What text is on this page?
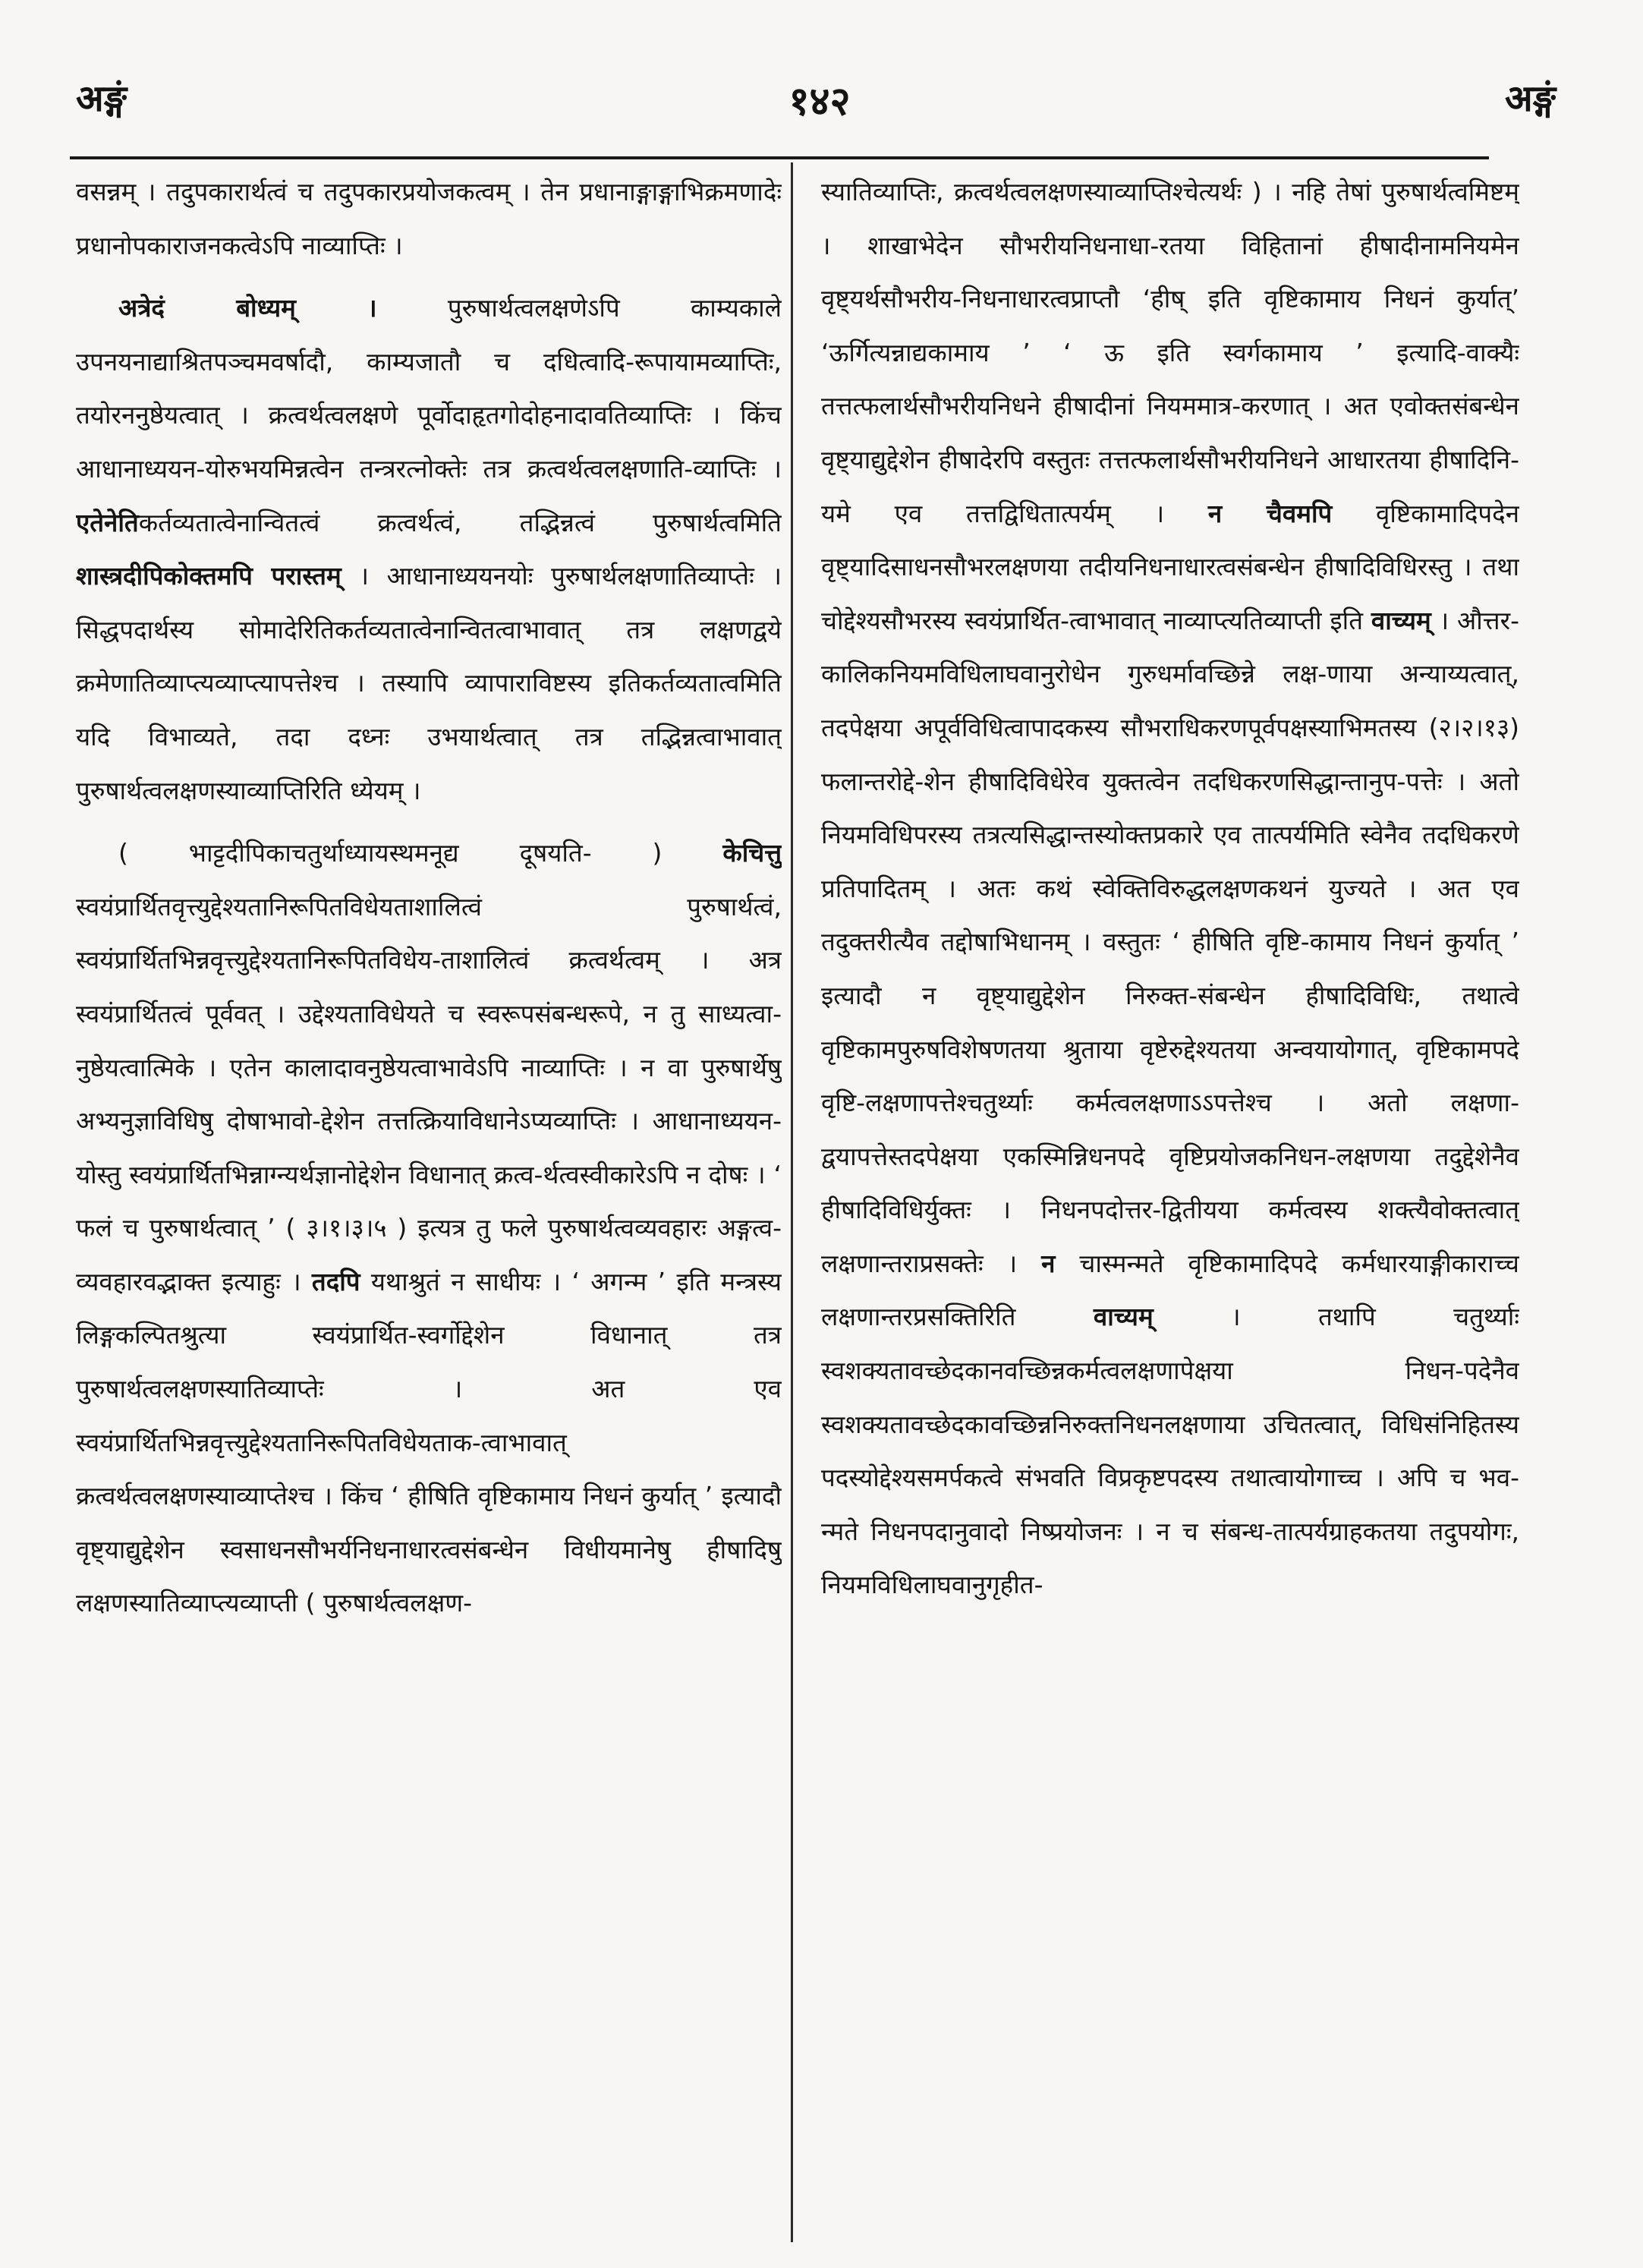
अङ्गं	१४२	अङ्गं

वसन्नम् । तदुपकारार्थत्वं च तदुपकारप्रयोजकत्वम् । तेन प्रधानाङ्गाङ्गाभिक्रमणादेः प्रधानोपकाराजनकत्वेऽपि नाव्याप्तिः ।

अत्रेदं बोध्यम् । पुरुषार्थत्वलक्षणेऽपि काम्यकाले उपनयनाद्याश्रितपञ्चमवर्षादौ, काम्यजातौ च दधित्वादि-रूपायामव्याप्तिः, तयोरननुष्ठेयत्वात् । क्रत्वर्थत्वलक्षणे पूर्वोदाहृतगोदोहनादावतिव्याप्तिः । किंच आधानाध्ययन-योरुभयमिन्नत्वेन तन्त्ररत्नोक्तेः तत्र क्रत्वर्थत्वलक्षणाति-व्याप्तिः । एतेनेतिकर्तव्यतात्वेनान्वितत्वं क्रत्वर्थत्वं, तद्भिन्नत्वं पुरुषार्थत्वमिति शास्त्रदीपिकोक्तमपि परास्तम् । आधानाध्ययनयोः पुरुषार्थलक्षणातिव्याप्तेः । सिद्धपदार्थस्य सोमादेरितिकर्तव्यतात्वेनान्वितत्वाभावात् तत्र लक्षणद्वये क्रमेणातिव्याप्त्यव्याप्त्यापत्तेश्च । तस्यापि व्यापाराविष्टस्य इतिकर्तव्यतात्वमिति यदि विभाव्यते, तदा दध्नः उभयार्थत्वात् तत्र तद्भिन्नत्वाभावात् पुरुषार्थत्वलक्षणस्याव्याप्तिरिति ध्येयम् ।

( भाट्टदीपिकाचतुर्थाध्यायस्थमनूद्य दूषयति- ) केचित्तु स्वयंप्रार्थितवृत्त्युद्देश्यतानिरूपितविधेयताशालित्वं पुरुषार्थत्वं, स्वयंप्रार्थितभिन्नवृत्त्युद्देश्यतानिरूपितविधेय-ताशालित्वं क्रत्वर्थत्वम् । अत्र स्वयंप्रार्थितत्वं पूर्ववत् । उद्देश्यताविधेयते च स्वरूपसंबन्धरूपे, न तु साध्यत्वा-नुष्ठेयत्वात्मिके । एतेन कालादावनुष्ठेयत्वाभावेऽपि नाव्याप्तिः । न वा पुरुषार्थेषु अभ्यनुज्ञाविधिषु दोषाभावो-द्देशेन तत्तत्क्रियाविधानेऽप्यव्याप्तिः । आधानाध्ययन-योस्तु स्वयंप्रार्थितभिन्नाग्न्यर्थज्ञानोद्देशेन विधानात् क्रत्व-र्थत्वस्वीकारेऽपि न दोषः । ‘ फलं च पुरुषार्थत्वात् ’ ( ३।१।३।५ ) इत्यत्र तु फले पुरुषार्थत्वव्यवहारः अङ्गत्व-व्यवहारवद्भाक्त इत्याहुः । तदपि यथाश्रुतं न साधीयः । ‘ अगन्म ’ इति मन्त्रस्य लिङ्गकल्पितश्रुत्या स्वयंप्रार्थित-स्वर्गोद्देशेन विधानात् तत्र पुरुषार्थत्वलक्षणस्यातिव्याप्तेः । अत एव स्वयंप्रार्थितभिन्नवृत्त्युद्देश्यतानिरूपितविधेयताक-त्वाभावात् क्रत्वर्थत्वलक्षणस्याव्याप्तेश्च । किंच ‘ हीषिति वृष्टिकामाय निधनं कुर्यात् ’ इत्यादौ वृष्ट्याद्युद्देशेन स्वसाधनसौभर्यनिधनाधारत्वसंबन्धेन विधीयमानेषु हीषादिषु लक्षणस्यातिव्याप्त्यव्याप्ती ( पुरुषार्थत्वलक्षण-

स्यातिव्याप्तिः, क्रत्वर्थत्वलक्षणस्याव्याप्तिश्चेत्यर्थः ) । नहि तेषां पुरुषार्थत्वमिष्टम् । शाखाभेदेन सौभरीयनिधनाधा-रतया विहितानां हीषादीनामनियमेन वृष्ट्यर्थसौभरीय-निधनाधारत्वप्राप्तौ ‘हीष् इति वृष्टिकामाय निधनं कुर्यात्’ ‘ऊर्गित्यन्नाद्यकामाय ’ ‘ ऊ इति स्वर्गकामाय ’ इत्यादि-वाक्यैः तत्तत्फलार्थसौभरीयनिधने हीषादीनां नियममात्र-करणात् । अत एवोक्तसंबन्धेन वृष्ट्याद्युद्देशेन हीषादेरपि वस्तुतः तत्तत्फलार्थसौभरीयनिधने आधारतया हीषादिनि-यमे एव तत्तद्विधितात्पर्यम् । न चैवमपि वृष्टिकामादिपदेन वृष्ट्यादिसाधनसौभरलक्षणया तदीयनिधनाधारत्वसंबन्धेन हीषादिविधिरस्तु । तथा चोद्देश्यसौभरस्य स्वयंप्रार्थित-त्वाभावात् नाव्याप्त्यतिव्याप्ती इति वाच्यम् । औत्तर-कालिकनियमविधिलाघवानुरोधेन गुरुधर्मावच्छिन्ने लक्ष-णाया अन्याय्यत्वात्, तदपेक्षया अपूर्वविधित्वापादकस्य सौभराधिकरणपूर्वपक्षस्याभिमतस्य (२।२।१३) फलान्तरोद्दे-शेन हीषादिविधेरेव युक्तत्वेन तदधिकरणसिद्धान्तानुप-पत्तेः । अतो नियमविधिपरस्य तत्रत्यसिद्धान्तस्योक्तप्रकारे एव तात्पर्यमिति स्वेनैव तदधिकरणे प्रतिपादितम् । अतः कथं स्वेक्तिविरुद्धलक्षणकथनं युज्यते । अत एव तदुक्तरीत्यैव तद्दोषाभिधानम् । वस्तुतः ‘ हीषिति वृष्टि-कामाय निधनं कुर्यात् ’ इत्यादौ न वृष्ट्याद्युद्देशेन निरुक्त-संबन्धेन हीषादिविधिः, तथात्वे वृष्टिकामपुरुषविशेषणतया श्रुताया वृष्टेरुद्देश्यतया अन्वयायोगात्, वृष्टिकामपदे वृष्टि-लक्षणापत्तेश्चतुर्थ्याः कर्मत्वलक्षणाऽऽपत्तेश्च । अतो लक्षणा-द्वयापत्तेस्तदपेक्षया एकस्मिन्निधनपदे वृष्टिप्रयोजकनिधन-लक्षणया तदुद्देशेनैव हीषादिविधिर्युक्तः । निधनपदोत्तर-द्वितीयया कर्मत्वस्य शक्त्यैवोक्तत्वात् लक्षणान्तराप्रसक्तेः । न चास्मन्मते वृष्टिकामादिपदे कर्मधारयाङ्गीकाराच्च लक्षणान्तरप्रसक्तिरिति वाच्यम् । तथापि चतुर्थ्याः स्वशक्यतावच्छेदकानवच्छिन्नकर्मत्वलक्षणापेक्षया निधन-पदेनैव स्वशक्यतावच्छेदकावच्छिन्ननिरुक्तनिधनलक्षणाया उचितत्वात्, विधिसंनिहितस्य पदस्योद्देश्यसमर्पकत्वे संभवति विप्रकृष्टपदस्य तथात्वायोगाच्च । अपि च भव-न्मते निधनपदानुवादो निष्प्रयोजनः । न च संबन्ध-तात्पर्यग्राहकतया तदुपयोगः, नियमविधिलाघवानुगृहीत-
